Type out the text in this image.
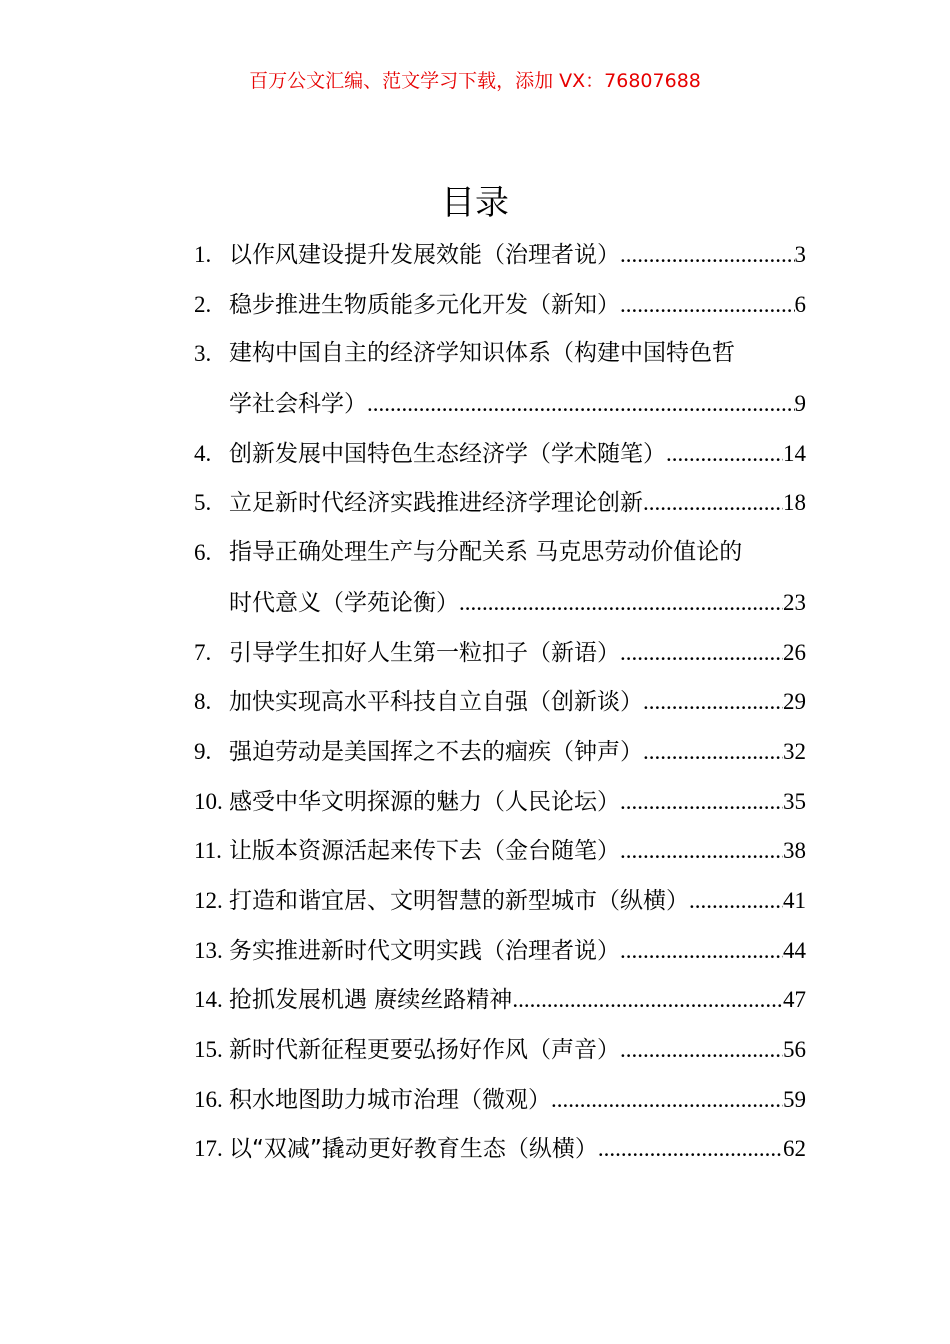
百万公文汇编、范文学习下载，添加 VX：76807688
目录
1. 以作风建设提升发展效能（治理者说） .....	3
2. 稳步推进生物质能多元化开发（新知） .....	6
3. 建构中国自主的经济学知识体系（构建中国特色哲
学社会科学） .....	9
4. 创新发展中国特色生态经济学（学术随笔） .....	14
5. 立足新时代经济实践推进经济学理论创新 .....	18
6. 指导正确处理生产与分配关系 马克思劳动价值论的
时代意义（学苑论衡） .....	23
7. 引导学生扣好人生第一粒扣子（新语） .....	26
8. 加快实现高水平科技自立自强（创新谈） .....	29
9. 强迫劳动是美国挥之不去的痼疾（钟声） .....	32
10. 感受中华文明探源的魅力（人民论坛） .....	35
11. 让版本资源活起来传下去（金台随笔） .....	38
12. 打造和谐宜居、文明智慧的新型城市（纵横） .....	41
13. 务实推进新时代文明实践（治理者说） .....	44
14. 抢抓发展机遇 赓续丝路精神 .....	47
15. 新时代新征程更要弘扬好作风（声音） .....	56
16. 积水地图助力城市治理（微观） .....	59
17. 以“双减”撬动更好教育生态（纵横） .....	62
